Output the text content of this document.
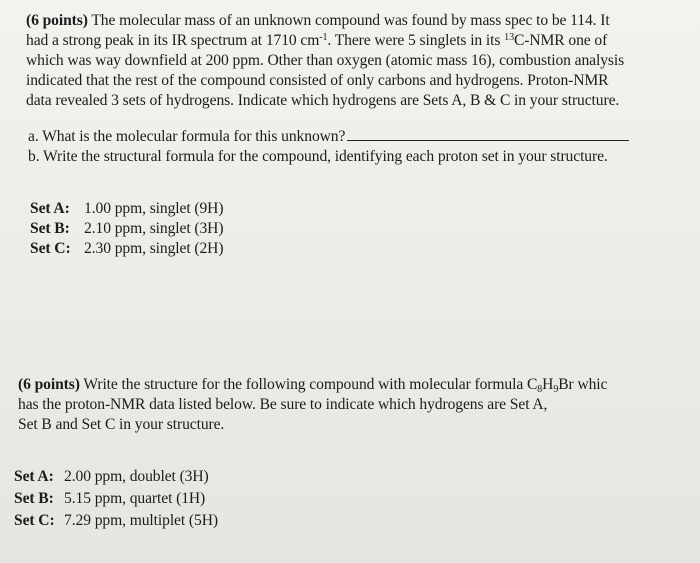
(6 points) The molecular mass of an unknown compound was found by mass spec to be 114. It
had a strong peak in its IR spectrum at 1710 $cm^{-1}$. There were 5 singlets in its $^{13}$C-NMR one of
which was way downfield at 200 ppm. Other than oxygen (atomic mass 16), combustion analysis
indicated that the rest of the compound consisted of only carbons and hydrogens. Proton-NMR
data revealed 3 sets of hydrogens. Indicate which hydrogens are Sets A, B & C in your structure.
a. What is the molecular formula for this unknown?
b. Write the structural formula for the compound, identifying each proton set in your structure.
Set A: 1.00 ppm, singlet (9H)
Set B: 2.10 ppm, singlet (3H)
Set C: 2.30 ppm, singlet (2H)
(6 points) Write the structure for the following compound with molecular formula $C_8H_9Br$ whic
has the proton-NMR data listed below. Be sure to indicate which hydrogens are Set A,
Set B and Set C in your structure.
Set A: 2.00 ppm, doublet (3H)
Set B: 5.15 ppm, quartet (1H)
Set C: 7.29 ppm, multiplet (5H)
